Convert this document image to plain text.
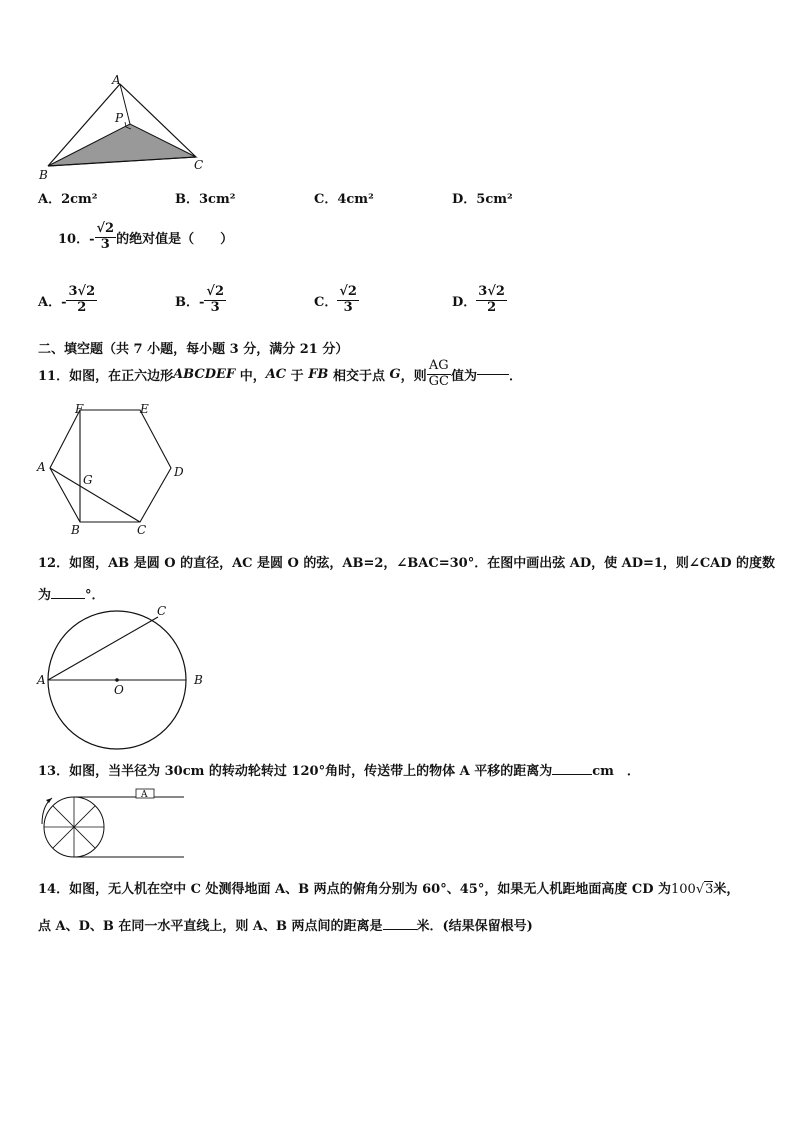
A
P
B
C
A．2cm²	B．3cm²	C．4cm²	D．5cm²
10．- $\frac{√2}{3}$ 的绝对值是（　　）
A．- $\frac{3√2}{2}$	B．- $\frac{√2}{3}$	C． $\frac{√2}{3}$	D． $\frac{3√2}{2}$
二、填空题（共 7 小题，每小题 3 分，满分 21 分）
11．如图，在正六边形ABCDEF 中，AC 于 FB 相交于点 G，则 $\frac{AG}{GC}$ 值为 ．
F	E
D
A
G
B	C
12．如图，AB 是圆 O 的直径，AC 是圆 O 的弦，AB=2，∠BAC=30°．在图中画出弦 AD，使 AD=1，则∠CAD 的度数
为	°．
A	B
C
O
13．如图，当半径为 30cm 的转动轮转过 120°角时，传送带上的物体 A 平移的距离为	cm　．
A
14．如图，无人机在空中 C 处测得地面 A、B 两点的俯角分别为 60°、45°，如果无人机距地面高度 CD 为100√3米，
点 A、D、B 在同一水平直线上，则 A、B 两点间的距离是	米．(结果保留根号)
